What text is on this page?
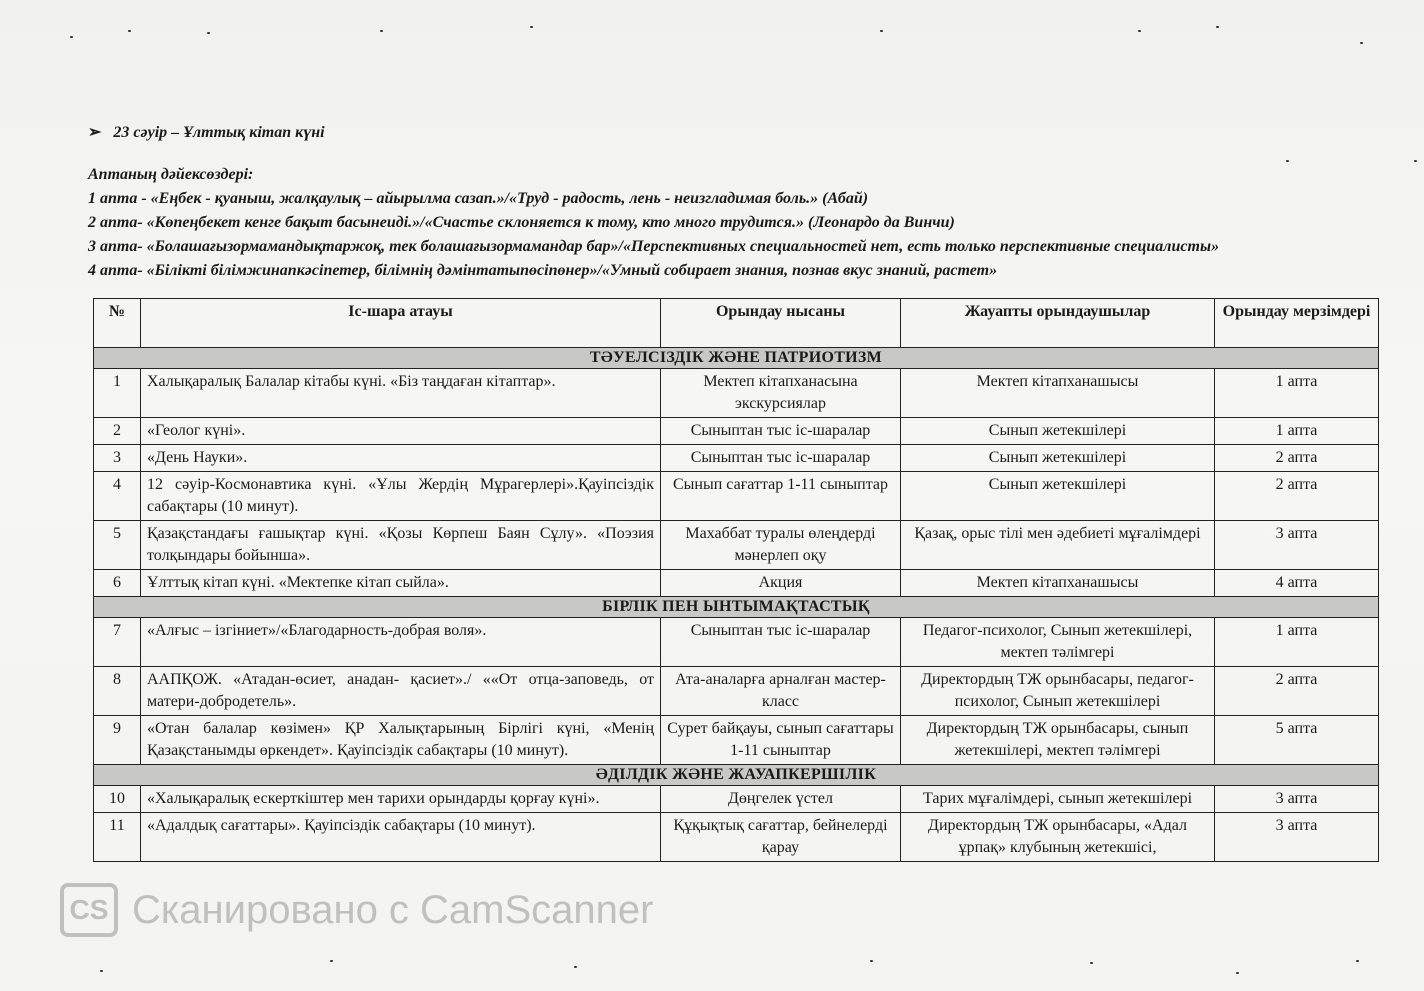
➢ 23 сәуір – Ұлттық кітап күні
Аптаның дәйексөздері:
1 апта - «Еңбек - қуаныш, жалқаулық – айырылма сазап.»/«Труд - радость, лень - неизгладимая боль.» (Абай)
2 апта- «Көпеңбекет кенге бақыт басынеиді.»/«Счастье склоняется к тому, кто много трудится.» (Леонардо да Винчи)
3 апта- «Болашағызормамандықтаржоқ, тек болашағызормамандар бар»/«Перспективных специальностей нет, есть только перспективные специалисты»
4 апта- «Білікті білімжинапкәсіпетер, білімнің дәмінтатыпөсіпөнер»/«Умный собирает знания, познав вкус знаний, растет»
№	Іс-шара атауы	Орындау нысаны	Жауапты орындаушылар	Орындау мерзімдері
ТӘУЕЛСІЗДІК ЖӘНЕ ПАТРИОТИЗМ				
1	Халықаралық Балалар кітабы күні. «Біз таңдаған кітаптар».	Мектеп кітапханасына экскурсиялар	Мектеп кітапханашысы	1 апта
2	«Геолог күні».	Сыныптан тыс іс-шаралар	Сынып жетекшілері	1 апта
3	«День Науки».	Сыныптан тыс іс-шаралар	Сынып жетекшілері	2 апта
4	12 сәуір-Космонавтика күні. «Ұлы Жердің Мұрагерлері».Қауіпсіздік сабақтары (10 минут).	Сынып сағаттар 1-11 сыныптар	Сынып жетекшілері	2 апта
5	Қазақстандағы ғашықтар күні. «Қозы Көрпеш Баян Сұлу». «Поэзия толқындары бойынша».	Махаббат туралы өлеңдерді мәнерлеп оқу	Қазақ, орыс тілі мен әдебиеті мұғалімдері	3 апта
6	Ұлттық кітап күні. «Мектепке кітап сыйла».	Акция	Мектеп кітапханашысы	4 апта
БІРЛІК ПЕН ЫНТЫМАҚТАСТЫҚ				
7	«Алғыс – ізгіниет»/«Благодарность-добрая воля».	Сыныптан тыс іс-шаралар	Педагог-психолог, Сынып жетекшілері, мектеп тәлімгері	1 апта
8	ААПҚОЖ. «Атадан-өсиет, анадан- қасиет»./ ««От отца-заповедь, от матери-добродетель».	Ата-аналарға арналған мастер-класс	Директордың ТЖ орынбасары, педагог-психолог, Сынып жетекшілері	2 апта
9	«Отан балалар көзімен» ҚР Халықтарының Бірлігі күні, «Менің Қазақстанымды өркендет». Қауіпсіздік сабақтары (10 минут).	Сурет байқауы, сынып сағаттары 1-11 сыныптар	Директордың ТЖ орынбасары, сынып жетекшілері, мектеп тәлімгері	5 апта
ӘДІЛДІК ЖӘНЕ ЖАУАПКЕРШІЛІК				
10	«Халықаралық ескерткіштер мен тарихи орындарды қорғау күні».	Дөңгелек үстел	Тарих мұғалімдері, сынып жетекшілері	3 апта
11	«Адалдық сағаттары». Қауіпсіздік сабақтары (10 минут).	Құқықтық сағаттар, бейнелерді қарау	Директордың ТЖ орынбасары, «Адал ұрпақ» клубының жетекшісі,	3 апта
CS Сканировано с CamScanner
